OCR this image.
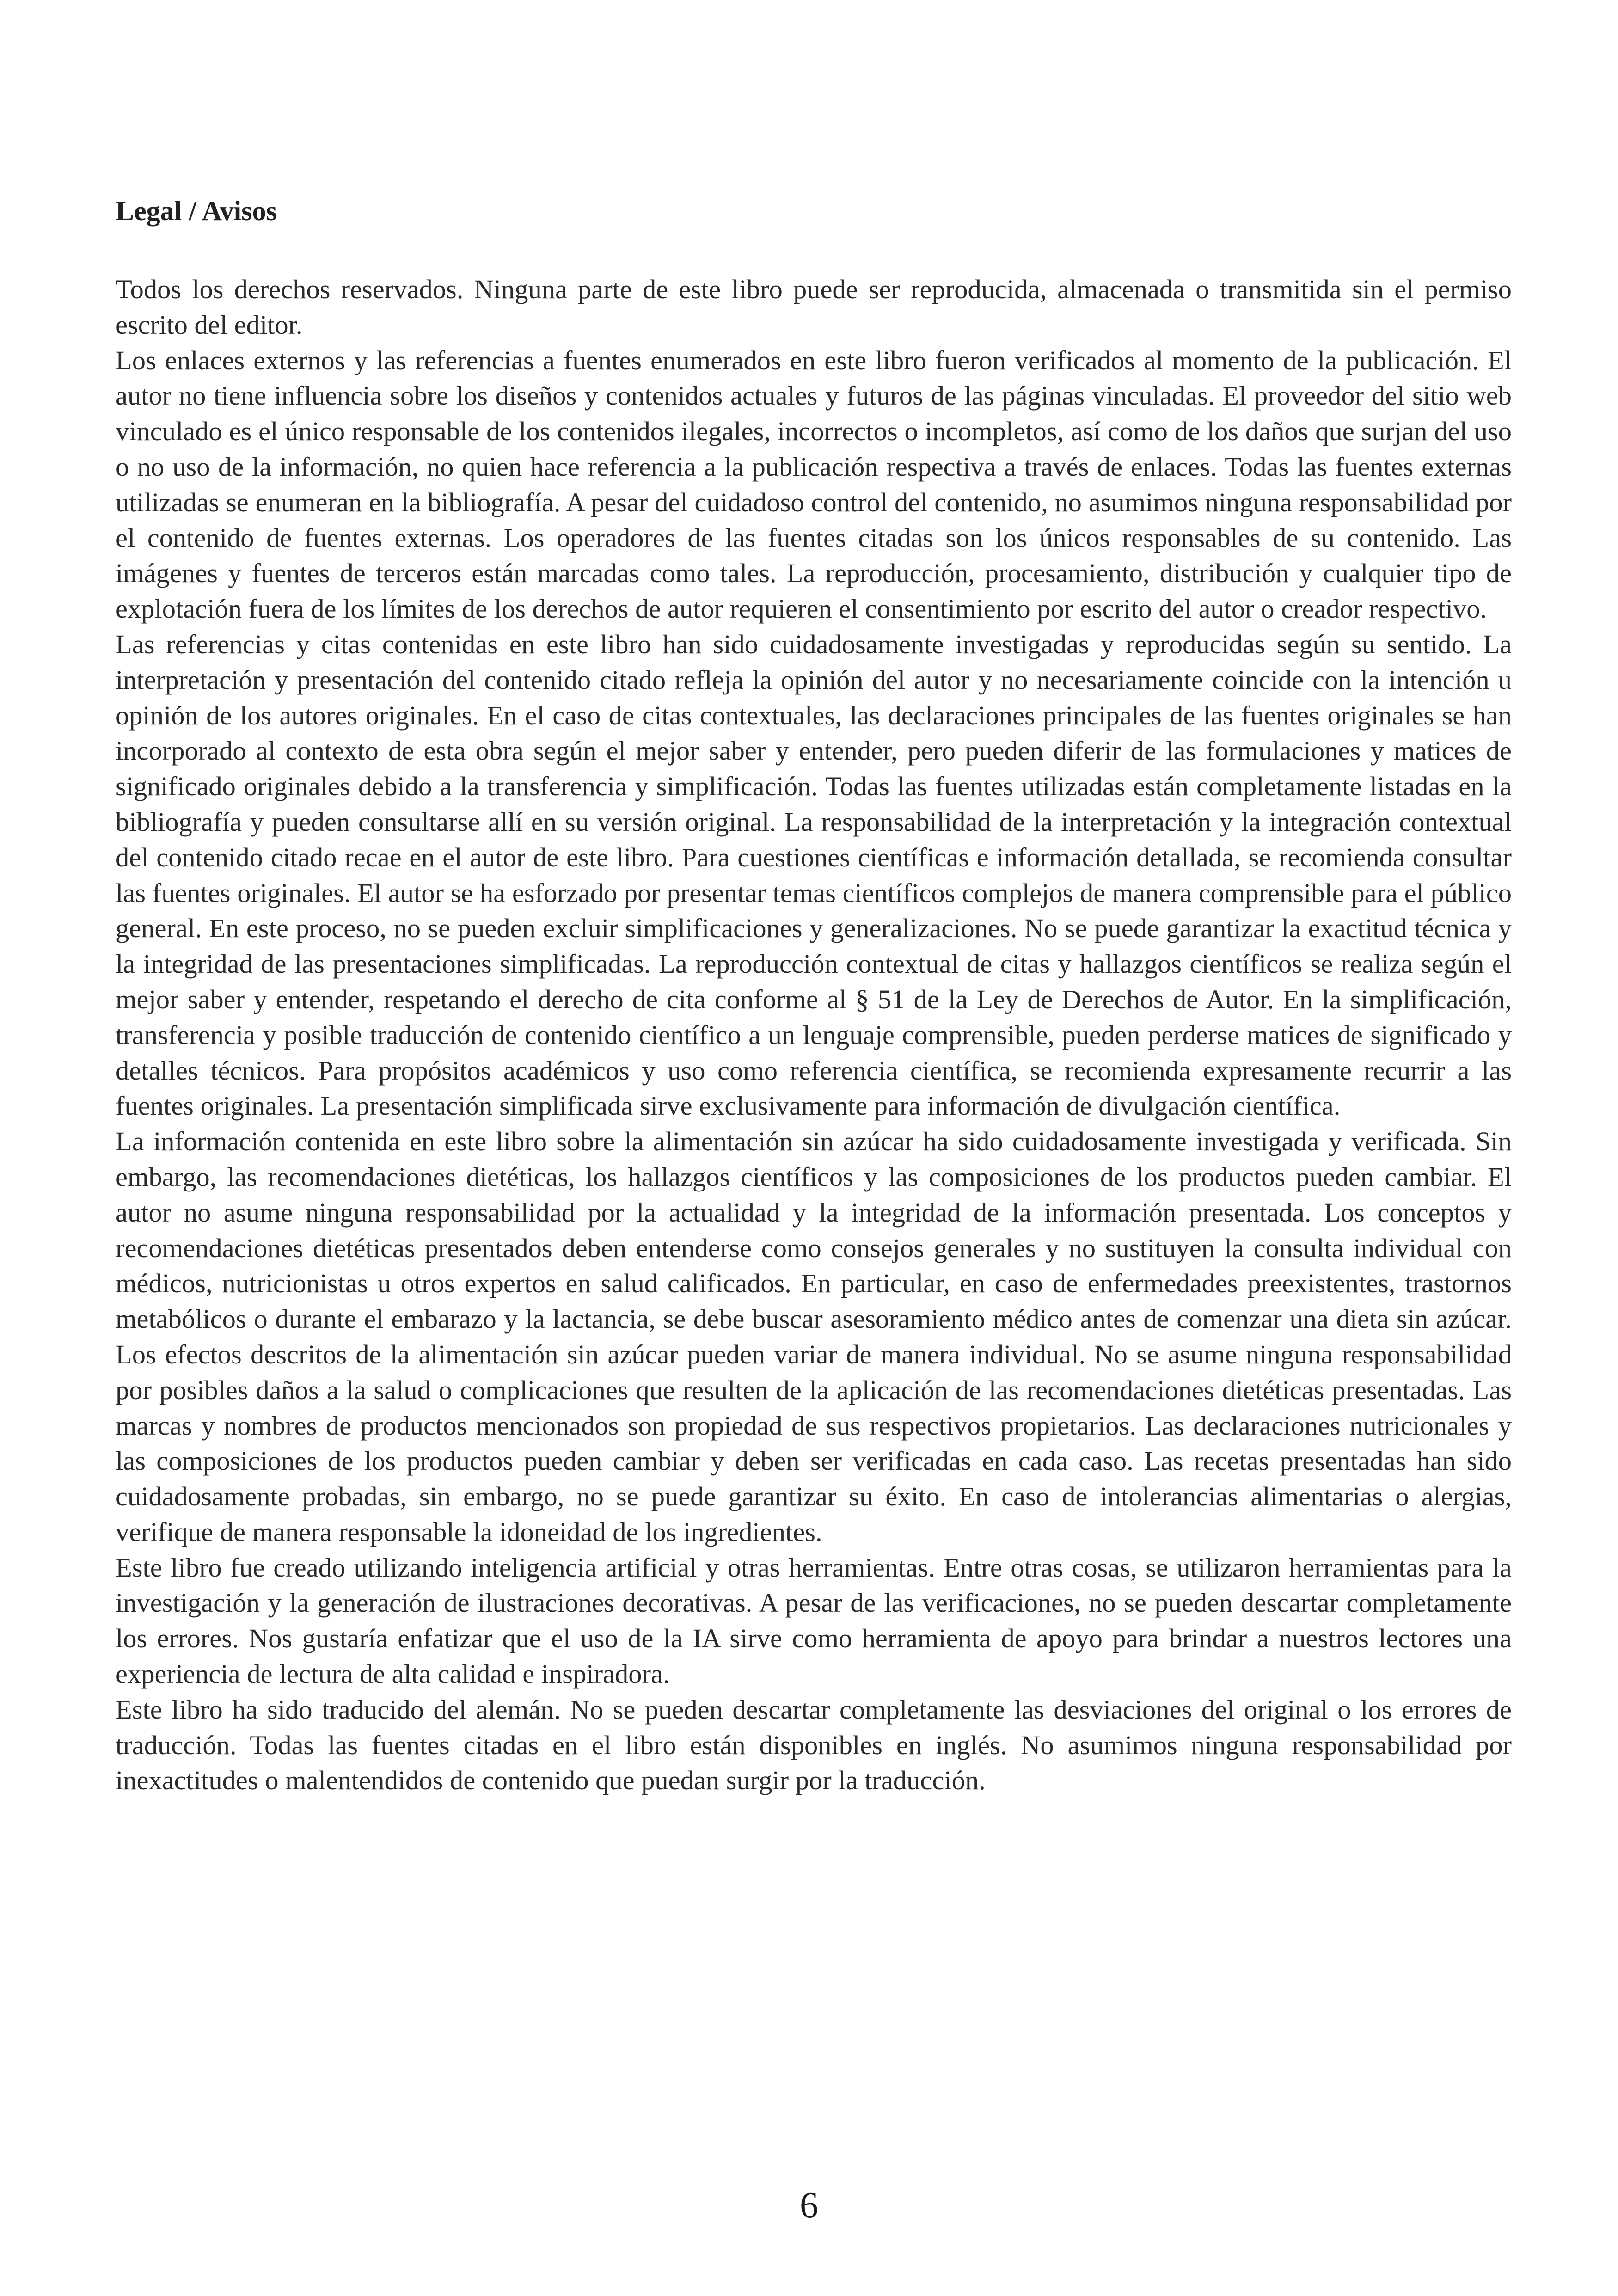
Legal / Avisos

Todos los derechos reservados. Ninguna parte de este libro puede ser reproducida, almacenada o transmitida sin el permiso escrito del editor.

Los enlaces externos y las referencias a fuentes enumerados en este libro fueron verificados al momento de la publicación. El autor no tiene influencia sobre los diseños y contenidos actuales y futuros de las páginas vinculadas. El proveedor del sitio web vinculado es el único responsable de los contenidos ilegales, incorrectos o incompletos, así como de los daños que surjan del uso o no uso de la información, no quien hace referencia a la publicación respectiva a través de enlaces. Todas las fuentes externas utilizadas se enumeran en la bibliografía. A pesar del cuidadoso control del contenido, no asumimos ninguna responsabilidad por el contenido de fuentes externas. Los operadores de las fuentes citadas son los únicos responsables de su contenido. Las imágenes y fuentes de terceros están marcadas como tales. La reproducción, procesamiento, distribución y cualquier tipo de explotación fuera de los límites de los derechos de autor requieren el consentimiento por escrito del autor o creador respectivo.

Las referencias y citas contenidas en este libro han sido cuidadosamente investigadas y reproducidas según su sentido. La interpretación y presentación del contenido citado refleja la opinión del autor y no necesariamente coincide con la intención u opinión de los autores originales. En el caso de citas contextuales, las declaraciones principales de las fuentes originales se han incorporado al contexto de esta obra según el mejor saber y entender, pero pueden diferir de las formulaciones y matices de significado originales debido a la transferencia y simplificación. Todas las fuentes utilizadas están completamente listadas en la bibliografía y pueden consultarse allí en su versión original. La responsabilidad de la interpretación y la integración contextual del contenido citado recae en el autor de este libro. Para cuestiones científicas e información detallada, se recomienda consultar las fuentes originales. El autor se ha esforzado por presentar temas científicos complejos de manera comprensible para el público general. En este proceso, no se pueden excluir simplificaciones y generalizaciones. No se puede garantizar la exactitud técnica y la integridad de las presentaciones simplificadas. La reproducción contextual de citas y hallazgos científicos se realiza según el mejor saber y entender, respetando el derecho de cita conforme al § 51 de la Ley de Derechos de Autor. En la simplificación, transferencia y posible traducción de contenido científico a un lenguaje comprensible, pueden perderse matices de significado y detalles técnicos. Para propósitos académicos y uso como referencia científica, se recomienda expresamente recurrir a las fuentes originales. La presentación simplificada sirve exclusivamente para información de divulgación científica.

La información contenida en este libro sobre la alimentación sin azúcar ha sido cuidadosamente investigada y verificada. Sin embargo, las recomendaciones dietéticas, los hallazgos científicos y las composiciones de los productos pueden cambiar. El autor no asume ninguna responsabilidad por la actualidad y la integridad de la información presentada. Los conceptos y recomendaciones dietéticas presentados deben entenderse como consejos generales y no sustituyen la consulta individual con médicos, nutricionistas u otros expertos en salud calificados. En particular, en caso de enfermedades preexistentes, trastornos metabólicos o durante el embarazo y la lactancia, se debe buscar asesoramiento médico antes de comenzar una dieta sin azúcar. Los efectos descritos de la alimentación sin azúcar pueden variar de manera individual. No se asume ninguna responsabilidad por posibles daños a la salud o complicaciones que resulten de la aplicación de las recomendaciones dietéticas presentadas. Las marcas y nombres de productos mencionados son propiedad de sus respectivos propietarios. Las declaraciones nutricionales y las composiciones de los productos pueden cambiar y deben ser verificadas en cada caso. Las recetas presentadas han sido cuidadosamente probadas, sin embargo, no se puede garantizar su éxito. En caso de intolerancias alimentarias o alergias, verifique de manera responsable la idoneidad de los ingredientes.

Este libro fue creado utilizando inteligencia artificial y otras herramientas. Entre otras cosas, se utilizaron herramientas para la investigación y la generación de ilustraciones decorativas. A pesar de las verificaciones, no se pueden descartar completamente los errores. Nos gustaría enfatizar que el uso de la IA sirve como herramienta de apoyo para brindar a nuestros lectores una experiencia de lectura de alta calidad e inspiradora.

Este libro ha sido traducido del alemán. No se pueden descartar completamente las desviaciones del original o los errores de traducción. Todas las fuentes citadas en el libro están disponibles en inglés. No asumimos ninguna responsabilidad por inexactitudes o malentendidos de contenido que puedan surgir por la traducción.

6
